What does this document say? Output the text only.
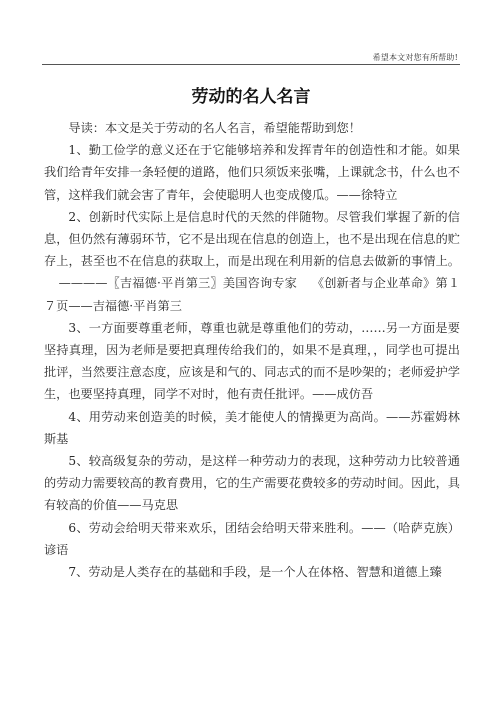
希望本文对您有所帮助!
劳动的名人名言

导读：本文是关于劳动的名人名言，希望能帮助到您！

1、勤工俭学的意义还在于它能够培养和发挥青年的创造性和才能。如果我们给青年安排一条轻便的道路，他们只须饭来张嘴，上课就念书，什么也不管，这样我们就会害了青年，会使聪明人也变成傻瓜。——徐特立

2、创新时代实际上是信息时代的天然的伴随物。尽管我们掌握了新的信息，但仍然有薄弱环节，它不是出现在信息的创造上，也不是出现在信息的贮存上，甚至也不在信息的获取上，而是出现在利用新的信息去做新的事情上。————〖吉福德·平肖第三〗美国咨询专家 《创新者与企业革命》第１７页——吉福德·平肖第三

3、一方面要尊重老师，尊重也就是尊重他们的劳动，……另一方面是要坚持真理，因为老师是要把真理传给我们的，如果不是真理，，同学也可提出批评，当然要注意态度，应该是和气的、同志式的而不是吵架的；老师爱护学生，也要坚持真理，同学不对时，他有责任批评。——成仿吾

4、用劳动来创造美的时候，美才能使人的情操更为高尚。——苏霍姆林斯基

5、较高级复杂的劳动，是这样一种劳动力的表现，这种劳动力比较普通的劳动力需要较高的教育费用，它的生产需要花费较多的劳动时间。因此，具有较高的价值——马克思

6、劳动会给明天带来欢乐，团结会给明天带来胜利。——（哈萨克族）谚语

7、劳动是人类存在的基础和手段，是一个人在体格、智慧和道德上臻
